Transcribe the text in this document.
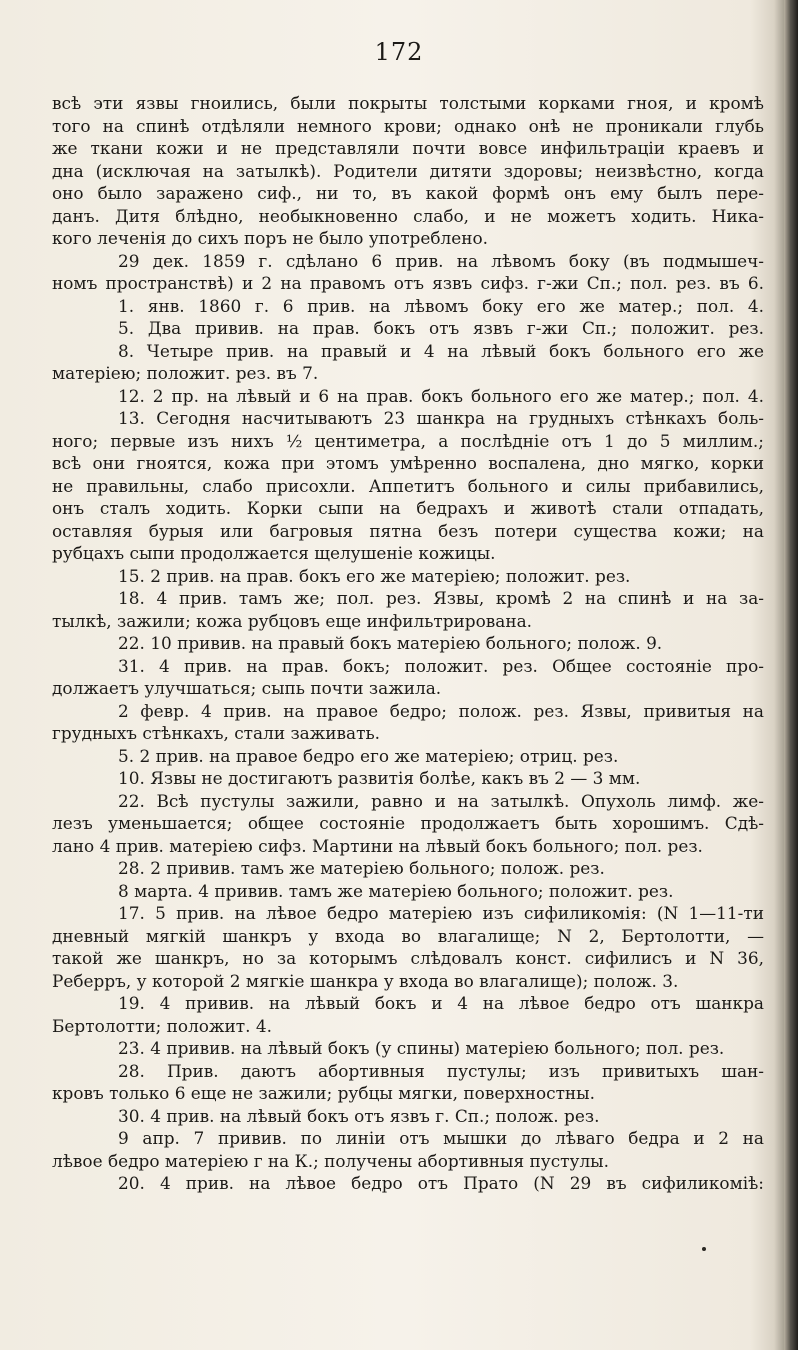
172
всѣ эти язвы гноились, были покрыты толстыми корками гноя, и кромѣ
того на спинѣ отдѣляли немного крови; однако онѣ не проникали глубь
же ткани кожи и не представляли почти вовсе инфильтраціи краевъ и
дна (исключая на затылкѣ). Родители дитяти здоровы; неизвѣстно, когда
оно было заражено сиф., ни то, въ какой формѣ онъ ему былъ пере-
данъ. Дитя блѣдно, необыкновенно слабо, и не можетъ ходить. Ника-
кого леченія до сихъ поръ не было употреблено.
29 дек. 1859 г. сдѣлано 6 прив. на лѣвомъ боку (въ подмышеч-
номъ пространствѣ) и 2 на правомъ отъ язвъ сифз. г-жи Сп.; пол. рез. въ 6.
1. янв. 1860 г. 6 прив. на лѣвомъ боку его же матер.; пол. 4.
5. Два привив. на прав. бокъ отъ язвъ г-жи Сп.; положит. рез.
8. Четыре прив. на правый и 4 на лѣвый бокъ больного его же
матеріею; положит. рез. въ 7.
12. 2 пр. на лѣвый и 6 на прав. бокъ больного его же матер.; пол. 4.
13. Сегодня насчитываютъ 23 шанкра на грудныхъ стѣнкахъ боль-
ного; первые изъ нихъ ½ центиметра, а послѣдніе отъ 1 до 5 миллим.;
всѣ они гноятся, кожа при этомъ умѣренно воспалена, дно мягко, корки
не правильны, слабо присохли. Аппетитъ больного и силы прибавились,
онъ сталъ ходить. Корки сыпи на бедрахъ и животѣ стали отпадать,
оставляя бурыя или багровыя пятна безъ потери существа кожи; на
рубцахъ сыпи продолжается щелушеніе кожицы.
15. 2 прив. на прав. бокъ его же матеріею; положит. рез.
18. 4 прив. тамъ же; пол. рез. Язвы, кромѣ 2 на спинѣ и на за-
тылкѣ, зажили; кожа рубцовъ еще инфильтрирована.
22. 10 привив. на правый бокъ матеріею больного; полож. 9.
31. 4 прив. на прав. бокъ; положит. рез. Общее состояніе про-
должаетъ улучшаться; сыпь почти зажила.
2 февр. 4 прив. на правое бедро; полож. рез. Язвы, привитыя на
грудныхъ стѣнкахъ, стали заживать.
5. 2 прив. на правое бедро его же матеріею; отриц. рез.
10. Язвы не достигаютъ развитія болѣе, какъ въ 2 — 3 мм.
22. Всѣ пустулы зажили, равно и на затылкѣ. Опухоль лимф. же-
лезъ уменьшается; общее состояніе продолжаетъ быть хорошимъ. Сдѣ-
лано 4 прив. матеріею сифз. Мартини на лѣвый бокъ больного; пол. рез.
28. 2 привив. тамъ же матеріею больного; полож. рез.
8 марта. 4 привив. тамъ же матеріею больного; положит. рез.
17. 5 прив. на лѣвое бедро матеріею изъ сифиликомія: (N 1—11-ти
дневный мягкій шанкръ у входа во влагалище; N 2, Бертолотти, —
такой же шанкръ, но за которымъ слѣдовалъ конст. сифилисъ и N 36,
Реберръ, у которой 2 мягкіе шанкра у входа во влагалище); полож. 3.
19. 4 привив. на лѣвый бокъ и 4 на лѣвое бедро отъ шанкра
Бертолотти; положит. 4.
23. 4 привив. на лѣвый бокъ (у спины) матеріею больного; пол. рез.
28. Прив. даютъ абортивныя пустулы; изъ привитыхъ шан-
кровъ только 6 еще не зажили; рубцы мягки, поверхностны.
30. 4 прив. на лѣвый бокъ отъ язвъ г. Сп.; полож. рез.
9 апр. 7 привив. по линіи отъ мышки до лѣваго бедра и 2 на
лѣвое бедро матеріею г на К.; получены абортивныя пустулы.
20. 4 прив. на лѣвое бедро отъ Прато (N 29 въ сифиликомiѣ:
